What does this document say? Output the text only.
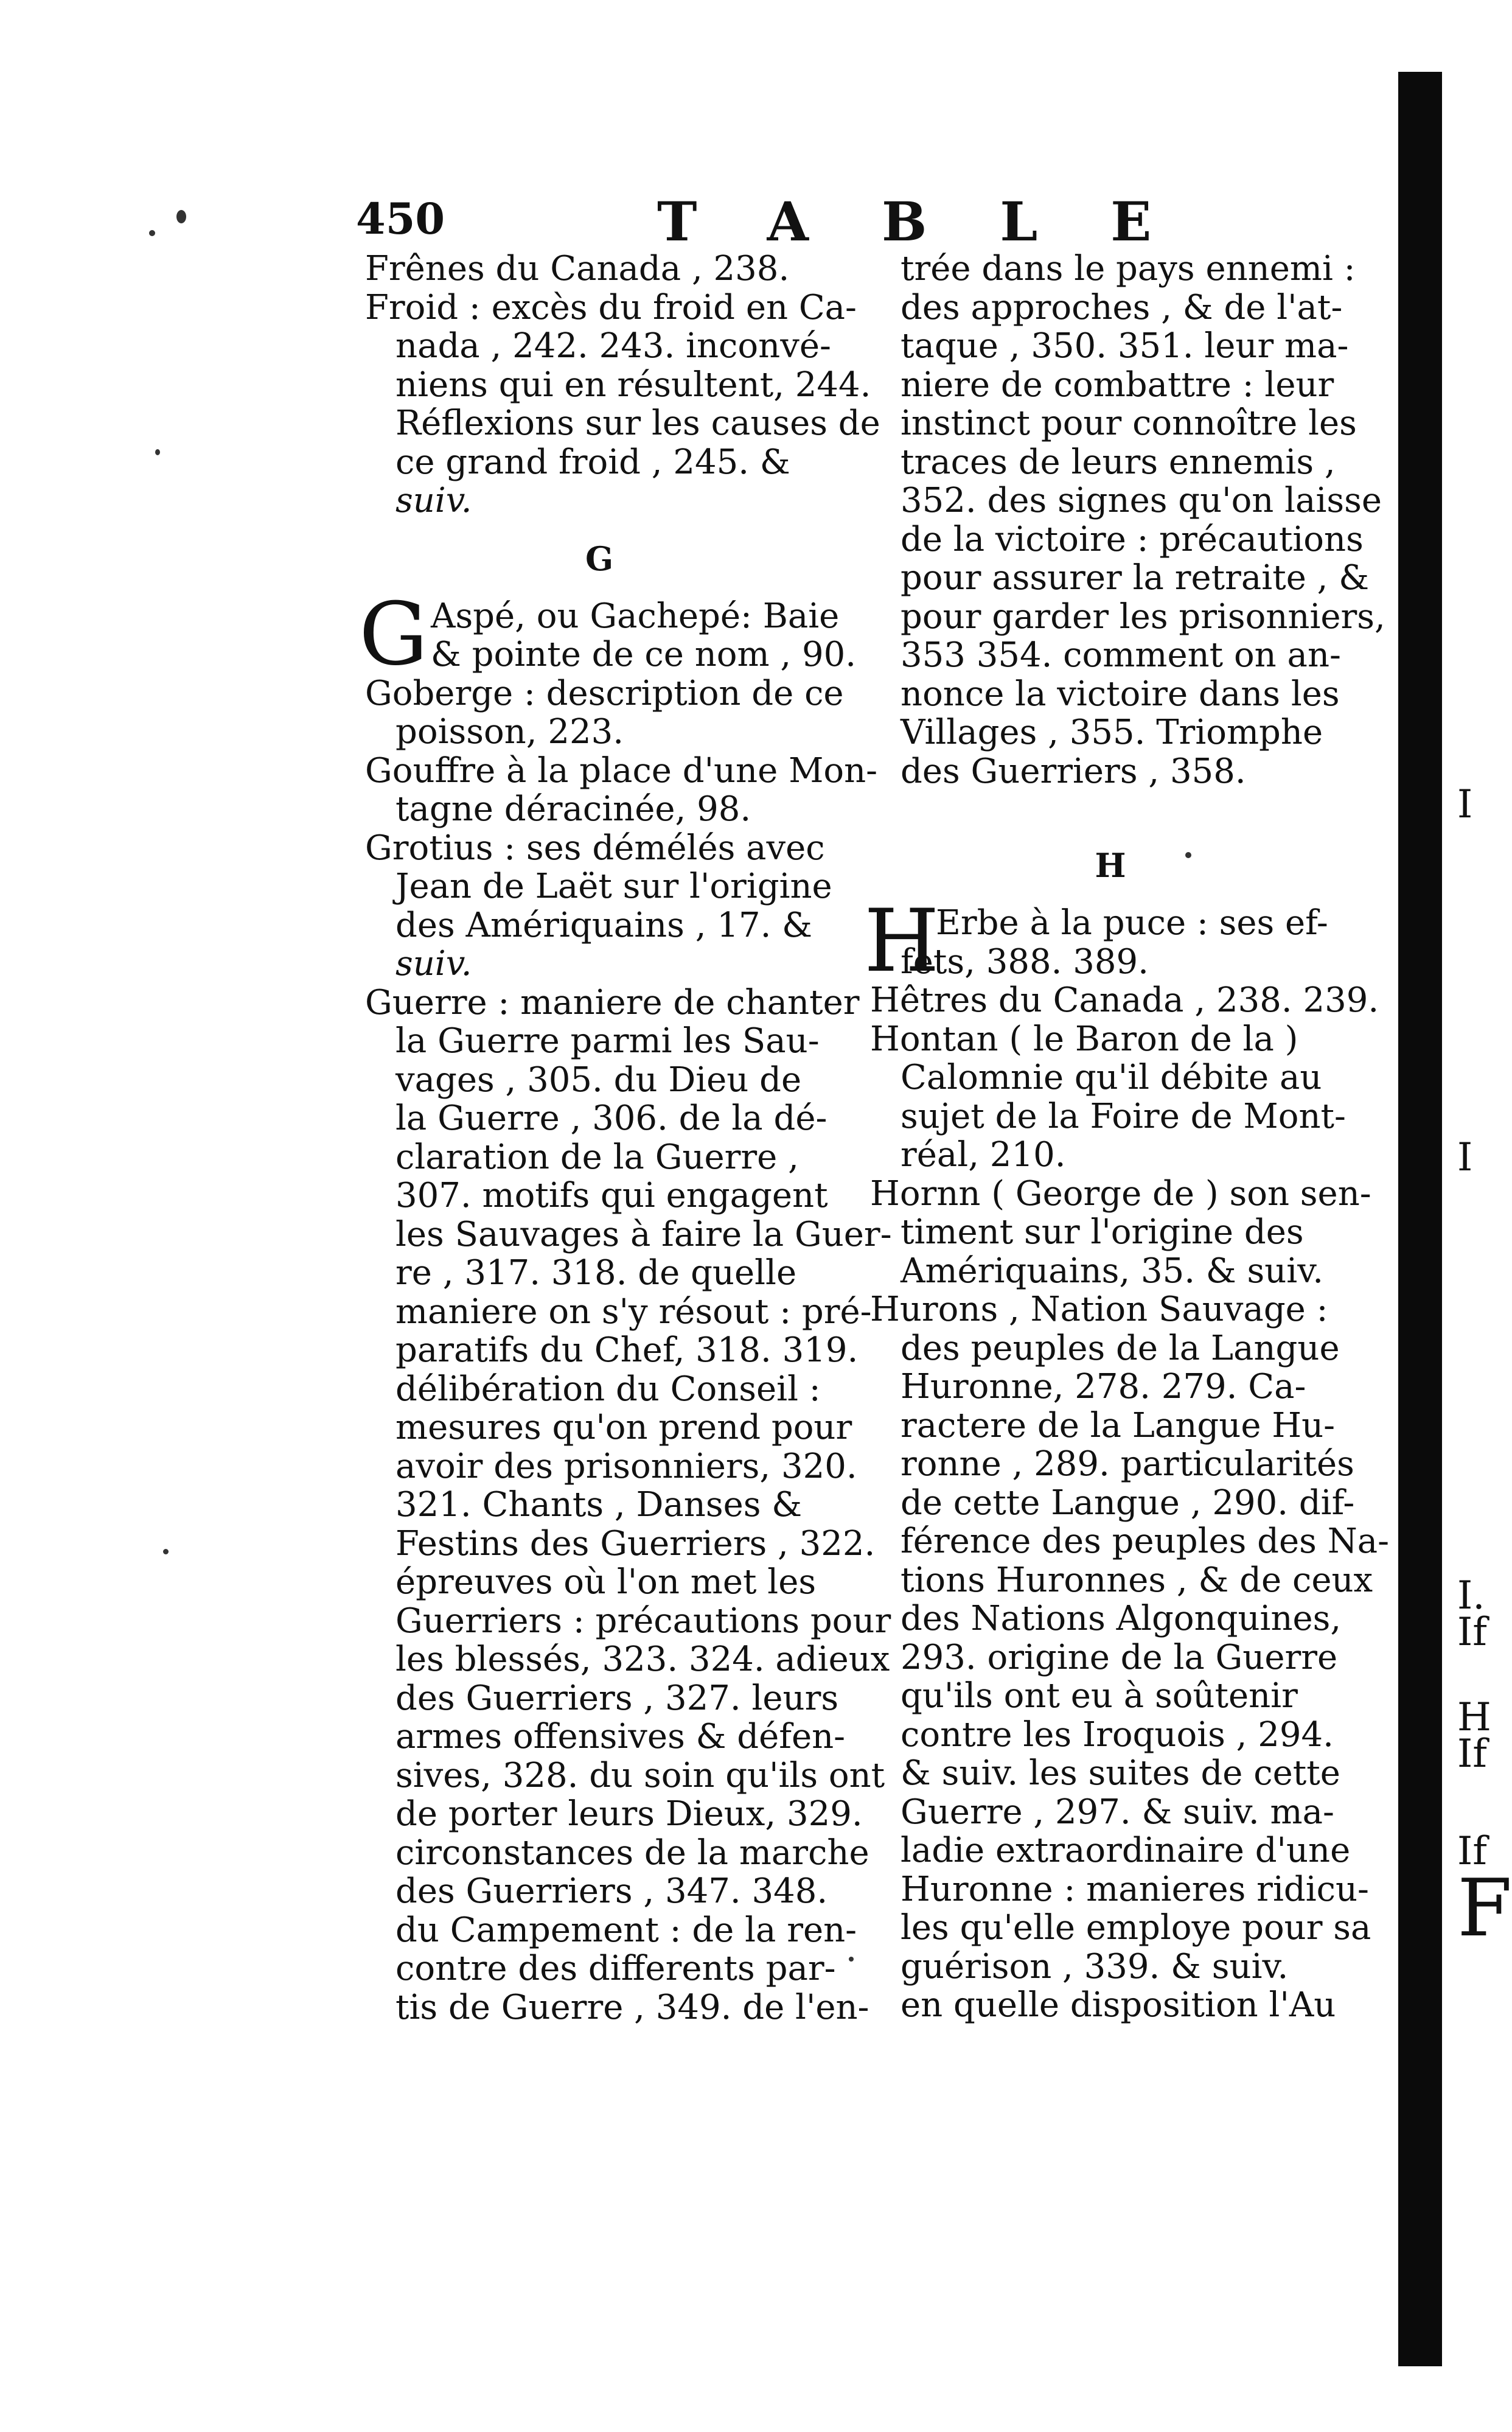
I
I
I.
If
H
If
If
F
450	TABLE
Frênes du Canada , 238.
Froid : excès du froid en Ca-
nada , 242. 243. inconvé-
niens qui en résultent, 244.
Réflexions sur les causes de
ce grand froid , 245. &
suiv.
G
G Aspé, ou Gachepé: Baie
& pointe de ce nom , 90.
Goberge : description de ce
poisson, 223.
Gouffre à la place d'une Mon-
tagne déracinée, 98.
Grotius : ses démélés avec
Jean de Laët sur l'origine
des Amériquains , 17. &
suiv.
Guerre : maniere de chanter
la Guerre parmi les Sau-
vages , 305. du Dieu de
la Guerre , 306. de la dé-
claration de la Guerre ,
307. motifs qui engagent
les Sauvages à faire la Guer-
re , 317. 318. de quelle
maniere on s'y résout : pré-
paratifs du Chef, 318. 319.
délibération du Conseil :
mesures qu'on prend pour
avoir des prisonniers, 320.
321. Chants , Danses &
Festins des Guerriers , 322.
épreuves où l'on met les
Guerriers : précautions pour
les blessés, 323. 324. adieux
des Guerriers , 327. leurs
armes offensives & défen-
sives, 328. du soin qu'ils ont
de porter leurs Dieux, 329.
circonstances de la marche
des Guerriers , 347. 348.
du Campement : de la ren-
contre des differents par-
tis de Guerre , 349. de l'en-
trée dans le pays ennemi :
des approches , & de l'at-
taque , 350. 351. leur ma-
niere de combattre : leur
instinct pour connoître les
traces de leurs ennemis ,
352. des signes qu'on laisse
de la victoire : précautions
pour assurer la retraite , &
pour garder les prisonniers,
353 354. comment on an-
nonce la victoire dans les
Villages , 355. Triomphe
des Guerriers , 358.
H
H
Erbe à la puce : ses ef-
fets, 388. 389.
Hêtres du Canada , 238. 239.
Hontan ( le Baron de la )
Calomnie qu'il débite au
sujet de la Foire de Mont-
réal, 210.
Hornn ( George de ) son sen-
timent sur l'origine des
Amériquains, 35. & suiv.
Hurons , Nation Sauvage :
des peuples de la Langue
Huronne, 278. 279. Ca-
ractere de la Langue Hu-
ronne , 289. particularités
de cette Langue , 290. dif-
férence des peuples des Na-
tions Huronnes , & de ceux
des Nations Algonquines,
293. origine de la Guerre
qu'ils ont eu à soûtenir
contre les Iroquois , 294.
& suiv. les suites de cette
Guerre , 297. & suiv. ma-
ladie extraordinaire d'une
Huronne : manieres ridicu-
les qu'elle employe pour sa
guérison , 339. & suiv.
en quelle disposition l'Au
